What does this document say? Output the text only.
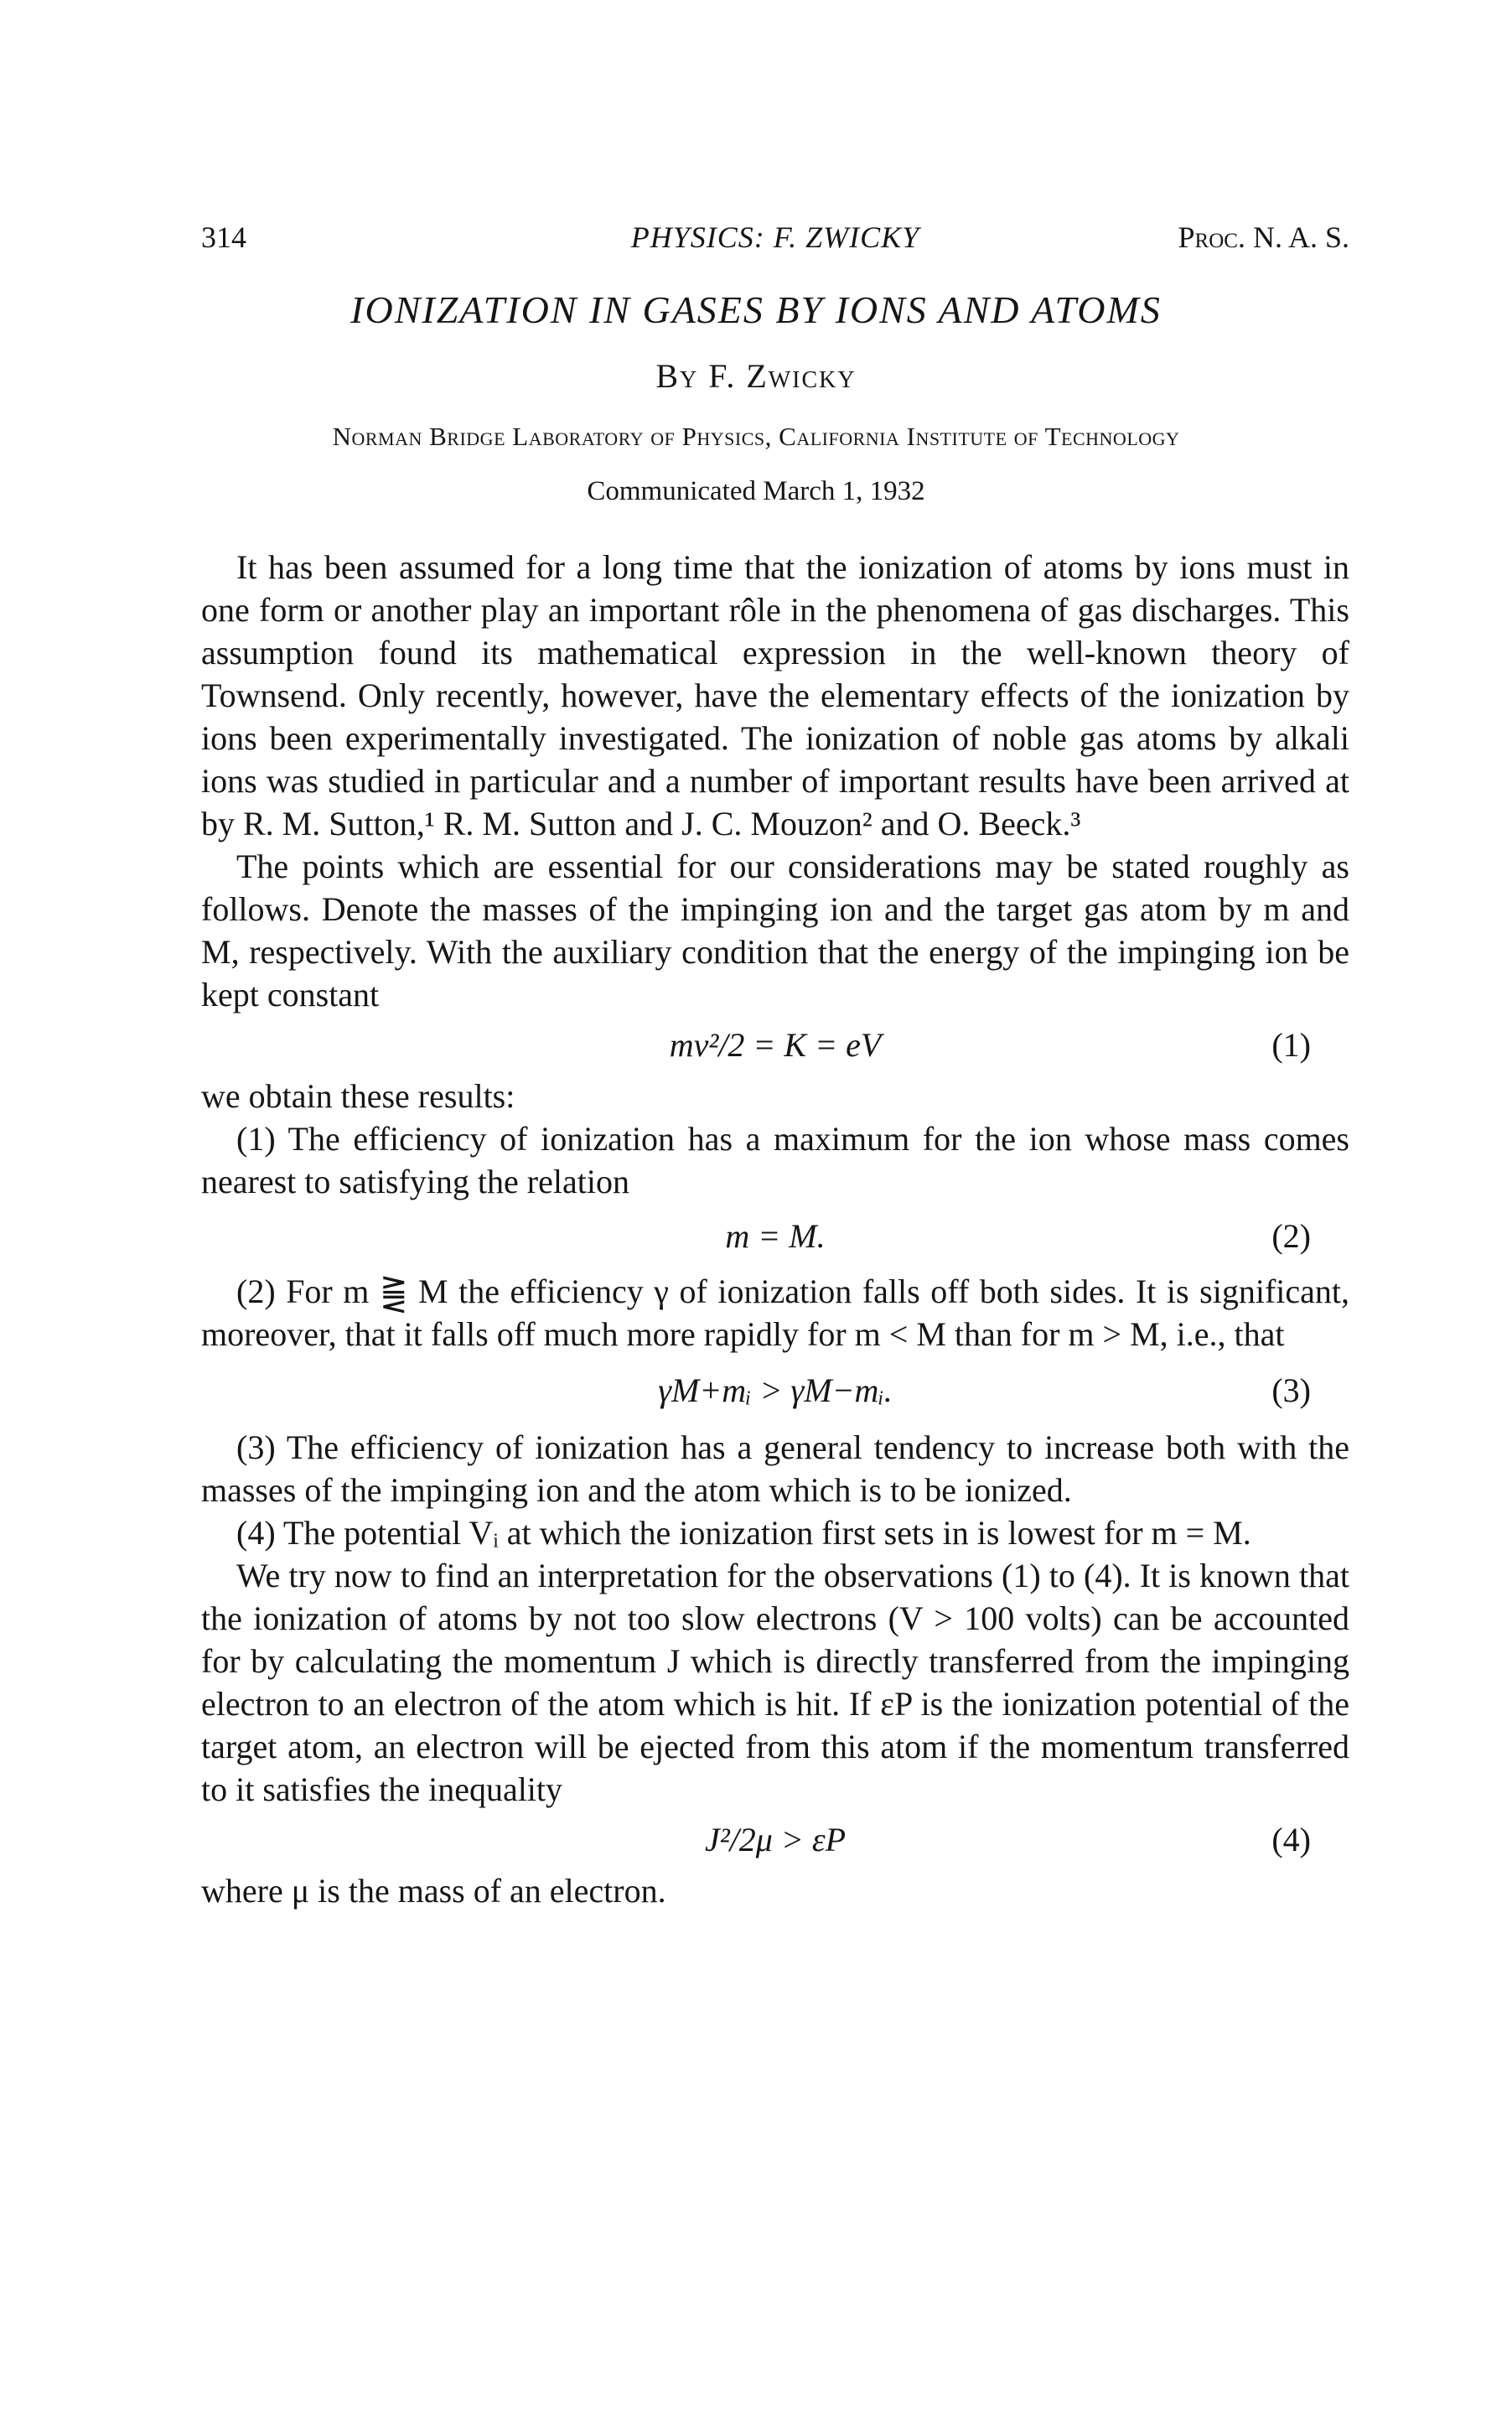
314	PHYSICS: F. ZWICKY	Proc. N. A. S.
IONIZATION IN GASES BY IONS AND ATOMS
By F. Zwicky
Norman Bridge Laboratory of Physics, California Institute of Technology
Communicated March 1, 1932

It has been assumed for a long time that the ionization of atoms by ions must in one form or another play an important rôle in the phenomena of gas discharges. This assumption found its mathematical expression in the well-known theory of Townsend. Only recently, however, have the elementary effects of the ionization by ions been experimentally investigated. The ionization of noble gas atoms by alkali ions was studied in particular and a number of important results have been arrived at by R. M. Sutton,¹ R. M. Sutton and J. C. Mouzon² and O. Beeck.³

The points which are essential for our considerations may be stated roughly as follows. Denote the masses of the impinging ion and the target gas atom by m and M, respectively. With the auxiliary condition that the energy of the impinging ion be kept constant

mv²/2 = K = eV	(1)

we obtain these results:

(1) The efficiency of ionization has a maximum for the ion whose mass comes nearest to satisfying the relation

m = M.	(2)

(2) For m ⪌ M the efficiency γ of ionization falls off both sides. It is significant, moreover, that it falls off much more rapidly for m < M than for m > M, i.e., that

γM+mᵢ > γM−mᵢ.	(3)

(3) The efficiency of ionization has a general tendency to increase both with the masses of the impinging ion and the atom which is to be ionized.

(4) The potential Vᵢ at which the ionization first sets in is lowest for m = M.

We try now to find an interpretation for the observations (1) to (4). It is known that the ionization of atoms by not too slow electrons (V > 100 volts) can be accounted for by calculating the momentum J which is directly transferred from the impinging electron to an electron of the atom which is hit. If εP is the ionization potential of the target atom, an electron will be ejected from this atom if the momentum transferred to it satisfies the inequality

J²/2μ > εP	(4)

where μ is the mass of an electron.
